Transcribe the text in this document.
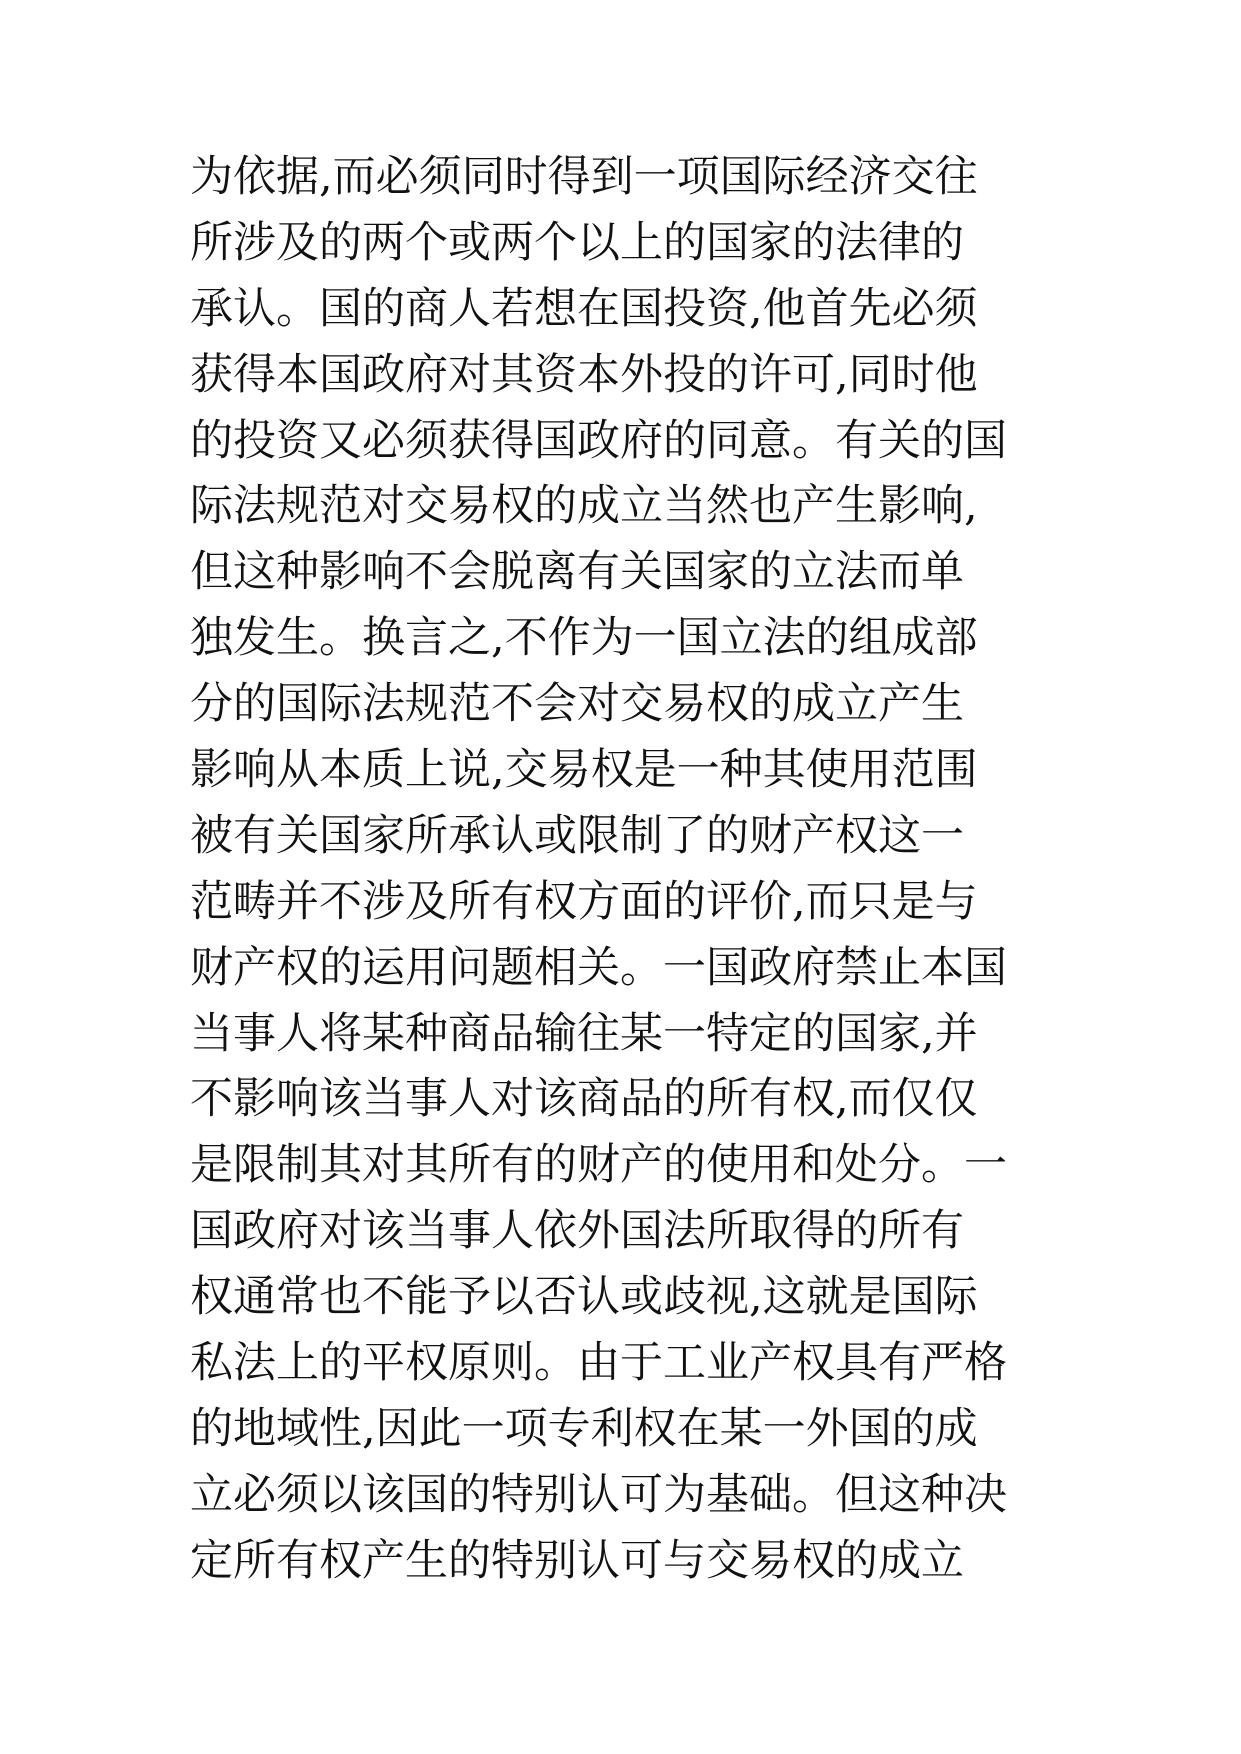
为依据,而必须同时得到一项国际经济交往
所涉及的两个或两个以上的国家的法律的
承认。国的商人若想在国投资,他首先必须
获得本国政府对其资本外投的许可,同时他
的投资又必须获得国政府的同意。有关的国
际法规范对交易权的成立当然也产生影响,
但这种影响不会脱离有关国家的立法而单
独发生。换言之,不作为一国立法的组成部
分的国际法规范不会对交易权的成立产生
影响从本质上说,交易权是一种其使用范围
被有关国家所承认或限制了的财产权这一
范畴并不涉及所有权方面的评价,而只是与
财产权的运用问题相关。一国政府禁止本国
当事人将某种商品输往某一特定的国家,并
不影响该当事人对该商品的所有权,而仅仅
是限制其对其所有的财产的使用和处分。一
国政府对该当事人依外国法所取得的所有
权通常也不能予以否认或歧视,这就是国际
私法上的平权原则。由于工业产权具有严格
的地域性,因此一项专利权在某一外国的成
立必须以该国的特别认可为基础。但这种决
定所有权产生的特别认可与交易权的成立
